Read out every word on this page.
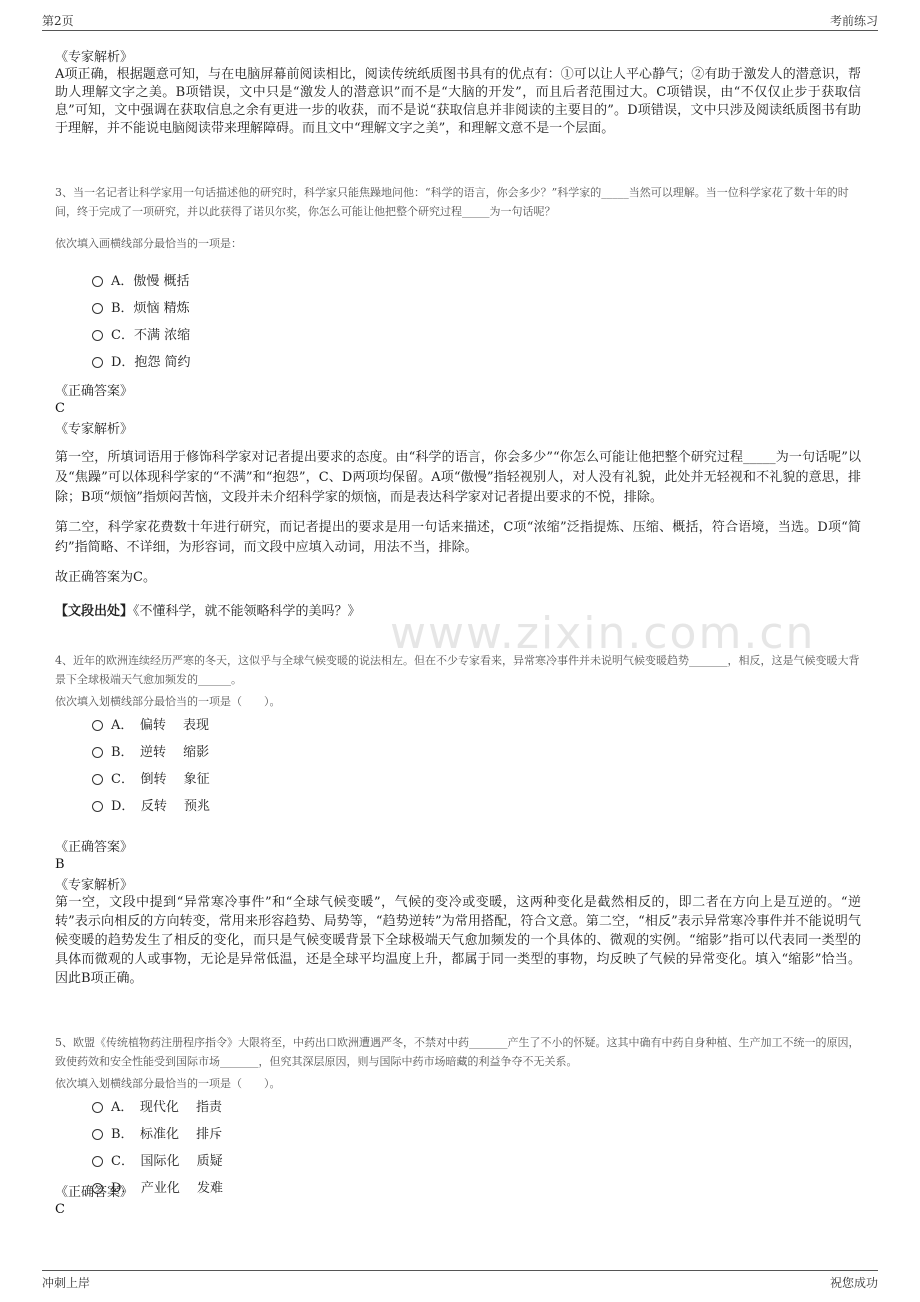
第2页	考前练习
www.zixin.com.cn
《专家解析》
A项正确，根据题意可知，与在电脑屏幕前阅读相比，阅读传统纸质图书具有的优点有：①可以让人平心静气；②有助于激发人的潜意识，帮助人理解文字之美。B项错误，文中只是“激发人的潜意识”而不是“大脑的开发”，而且后者范围过大。C项错误，由“不仅仅止步于获取信息”可知，文中强调在获取信息之余有更进一步的收获，而不是说“获取信息并非阅读的主要目的”。D项错误，文中只涉及阅读纸质图书有助于理解，并不能说电脑阅读带来理解障碍。而且文中“理解文字之美”，和理解文意不是一个层面。
3、当一名记者让科学家用一句话描述他的研究时，科学家只能焦躁地问他：“科学的语言，你会多少？”科学家的_____当然可以理解。当一位科学家花了数十年的时间，终于完成了一项研究，并以此获得了诺贝尔奖，你怎么可能让他把整个研究过程_____为一句话呢？
依次填入画横线部分最恰当的一项是：
A．傲慢 概括
B．烦恼 精炼
C．不满 浓缩
D．抱怨 简约
《正确答案》
C
《专家解析》
第一空，所填词语用于修饰科学家对记者提出要求的态度。由“科学的语言，你会多少”“你怎么可能让他把整个研究过程_____为一句话呢”以及“焦躁”可以体现科学家的“不满”和“抱怨”，C、D两项均保留。A项“傲慢”指轻视别人，对人没有礼貌，此处并无轻视和不礼貌的意思，排除；B项“烦恼”指烦闷苦恼，文段并未介绍科学家的烦恼，而是表达科学家对记者提出要求的不悦，排除。
第二空，科学家花费数十年进行研究，而记者提出的要求是用一句话来描述，C项“浓缩”泛指提炼、压缩、概括，符合语境，当选。D项“简约”指简略、不详细，为形容词，而文段中应填入动词，用法不当，排除。
故正确答案为C。
【文段出处】《不懂科学，就不能领略科学的美吗？》
4、近年的欧洲连续经历严寒的冬天，这似乎与全球气候变暖的说法相左。但在不少专家看来，异常寒冷事件并未说明气候变暖趋势_______，相反，这是气候变暖大背景下全球极端天气愈加频发的______。
依次填入划横线部分最恰当的一项是（　　）。
A．　偏转　 表现
B．　逆转　 缩影
C．　倒转　 象征
D．　反转　 预兆
《正确答案》
B
《专家解析》
第一空，文段中提到“异常寒冷事件”和“全球气候变暖”，气候的变冷或变暖，这两种变化是截然相反的，即二者在方向上是互逆的。“逆转”表示向相反的方向转变，常用来形容趋势、局势等，“趋势逆转”为常用搭配，符合文意。第二空，“相反”表示异常寒冷事件并不能说明气候变暖的趋势发生了相反的变化，而只是气候变暖背景下全球极端天气愈加频发的一个具体的、微观的实例。“缩影”指可以代表同一类型的具体而微观的人或事物，无论是异常低温，还是全球平均温度上升，都属于同一类型的事物，均反映了气候的异常变化。填入“缩影”恰当。因此B项正确。
5、欧盟《传统植物药注册程序指令》大限将至，中药出口欧洲遭遇严冬，不禁对中药_______产生了不小的怀疑。这其中确有中药自身种植、生产加工不统一的原因，致使药效和安全性能受到国际市场_______，但究其深层原因，则与国际中药市场暗藏的利益争夺不无关系。
依次填入划横线部分最恰当的一项是（　　）。
A．　现代化　 指责
B．　标准化　 排斥
C．　国际化　 质疑
D．　产业化　 发难
《正确答案》
C
冲刺上岸	祝您成功
